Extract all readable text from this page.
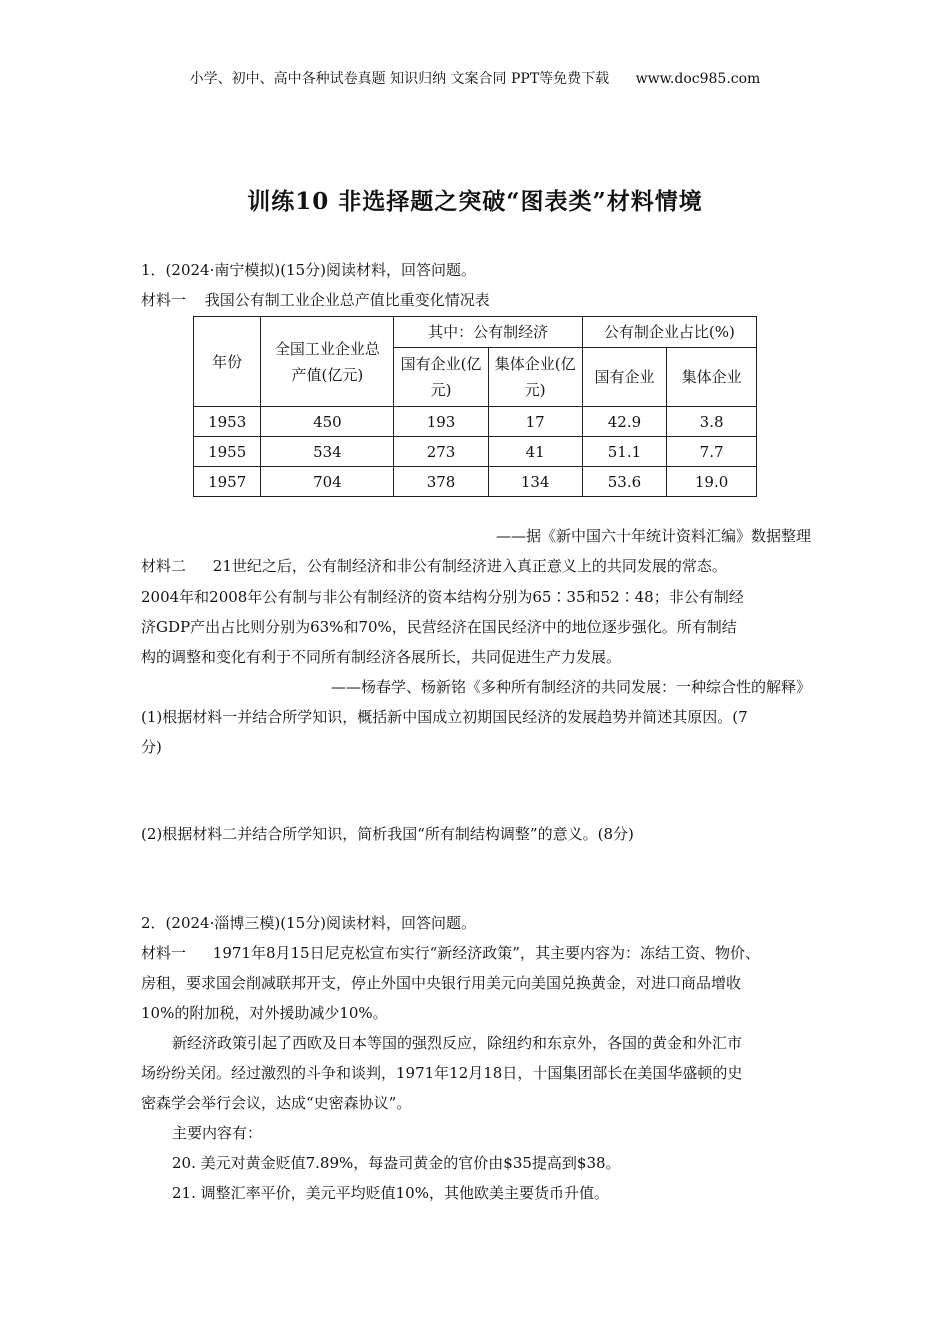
小学、初中、高中各种试卷真题 知识归纳 文案合同 PPT等免费下载 www.doc985.com
训练10 非选择题之突破“图表类”材料情境
1．(2024·南宁模拟)(15分)阅读材料，回答问题。
材料一 我国公有制工业企业总产值比重变化情况表
年份	全国工业企业总产值(亿元)	其中：公有制经济		公有制企业占比(%)	
		国有企业(亿元)	集体企业(亿元)	国有企业	集体企业
1953	450	193	17	42.9	3.8
1955	534	273	41	51.1	7.7
1957	704	378	134	53.6	19.0
——据《新中国六十年统计资料汇编》数据整理
材料二 21世纪之后，公有制经济和非公有制经济进入真正意义上的共同发展的常态。
2004年和2008年公有制与非公有制经济的资本结构分别为65∶35和52∶48；非公有制经
济GDP产出占比则分别为63%和70%，民营经济在国民经济中的地位逐步强化。所有制结
构的调整和变化有利于不同所有制经济各展所长，共同促进生产力发展。
——杨春学、杨新铭《多种所有制经济的共同发展：一种综合性的解释》
(1)根据材料一并结合所学知识，概括新中国成立初期国民经济的发展趋势并简述其原因。(7
分)
(2)根据材料二并结合所学知识，简析我国“所有制结构调整”的意义。(8分)
2．(2024·淄博三模)(15分)阅读材料，回答问题。
材料一 1971年8月15日尼克松宣布实行“新经济政策”，其主要内容为：冻结工资、物价、
房租，要求国会削减联邦开支，停止外国中央银行用美元向美国兑换黄金，对进口商品增收
10%的附加税，对外援助减少10%。
新经济政策引起了西欧及日本等国的强烈反应，除纽约和东京外，各国的黄金和外汇市
场纷纷关闭。经过激烈的斗争和谈判，1971年12月18日，十国集团部长在美国华盛顿的史
密森学会举行会议，达成“史密森协议”。
主要内容有：
20. 美元对黄金贬值7.89%，每盎司黄金的官价由$35提高到$38。
21. 调整汇率平价，美元平均贬值10%，其他欧美主要货币升值。
